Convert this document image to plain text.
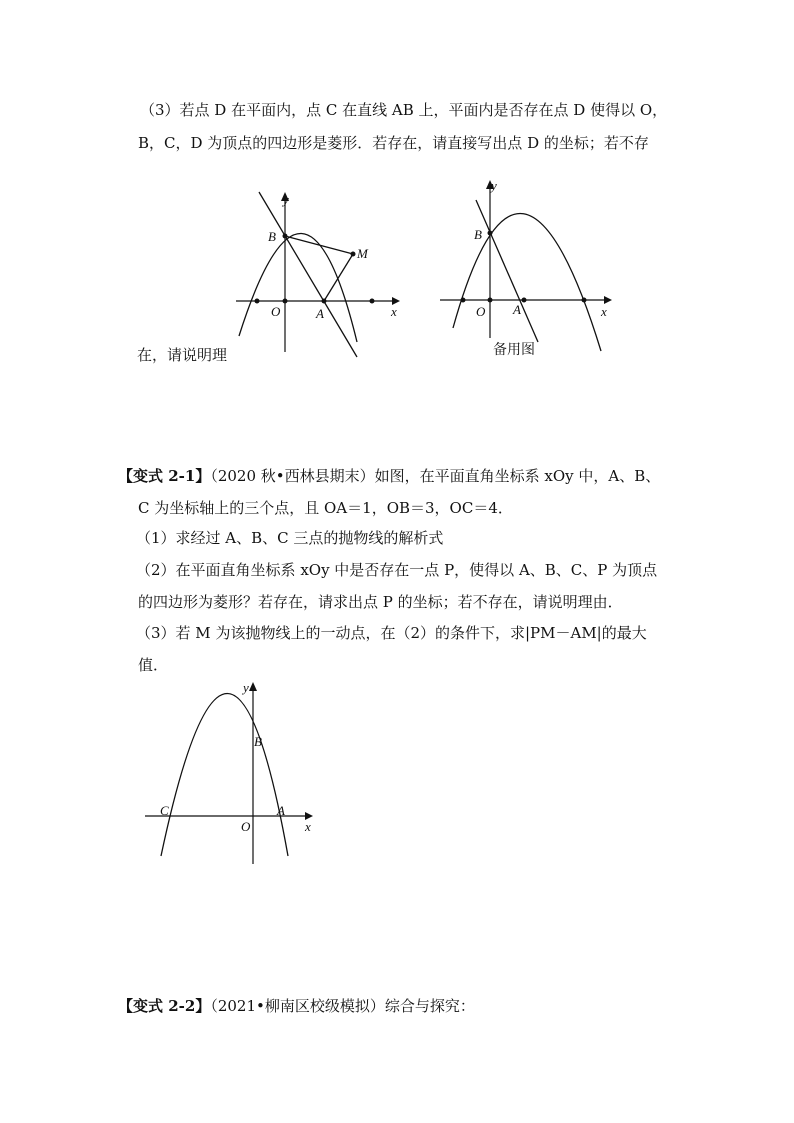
（3）若点 D 在平面内，点 C 在直线 AB 上，平面内是否存在点 D 使得以 O，
B，C，D 为顶点的四边形是菱形．若存在，请直接写出点 D 的坐标；若不存
在，请说明理
y
x
B
M
O	A
y
x
B
O A
备用图
【变式 2-1】（2020 秋•西林县期末）如图，在平面直角坐标系 xOy 中，A、B、
C 为坐标轴上的三个点，且 OA＝1，OB＝3，OC＝4．
（1）求经过 A、B、C 三点的抛物线的解析式
（2）在平面直角坐标系 xOy 中是否存在一点 P，使得以 A、B、C、P 为顶点
的四边形为菱形？若存在，请求出点 P 的坐标；若不存在，请说明理由．
（3）若 M 为该抛物线上的一动点，在（2）的条件下，求|PM－AM|的最大
值．
y
x
B
C
O
A
【变式 2-2】（2021•柳南区校级模拟）综合与探究：
